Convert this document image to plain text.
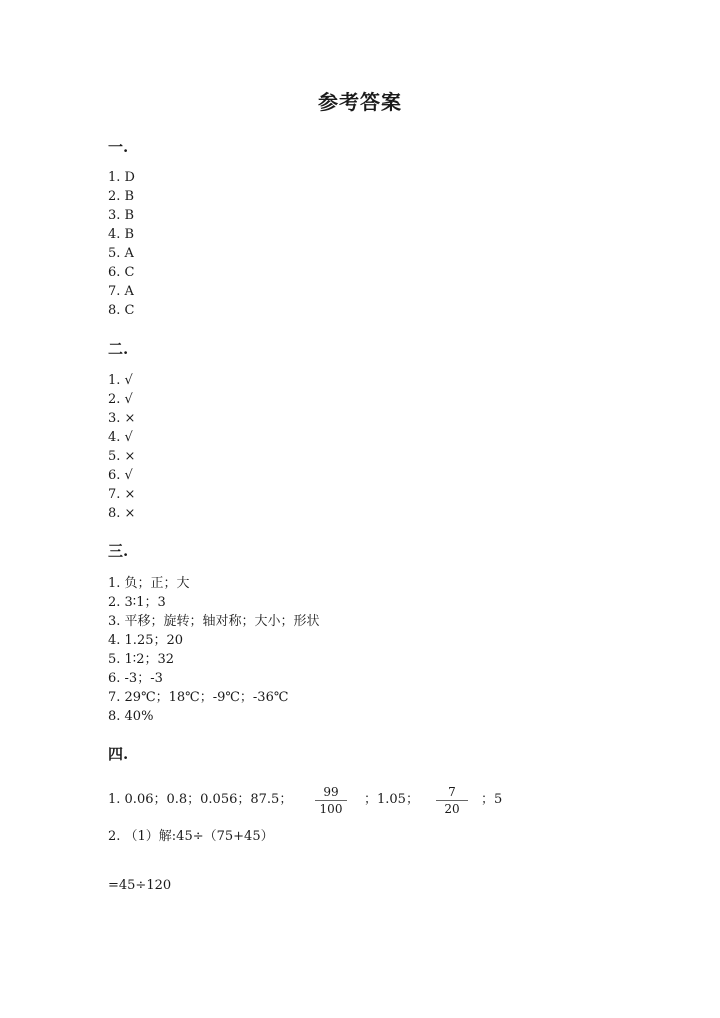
参考答案
一.
1. D
2. B
3. B
4. B
5. A
6. C
7. A
8. C
二.
1. √
2. √
3. ×
4. √
5. ×
6. √
7. ×
8. ×
三.
1. 负；正；大
2. 3∶1；3
3. 平移；旋转；轴对称；大小；形状
4. 1.25；20
5. 1∶2；32
6. -3；-3
7. 29℃；18℃；-9℃；-36℃
8. 40%
四.
1. 0.06；0.8；0.056；87.5；	99
100
；1.05；	7
20
；5
2. （1）解:45÷（75+45）
=45÷120
